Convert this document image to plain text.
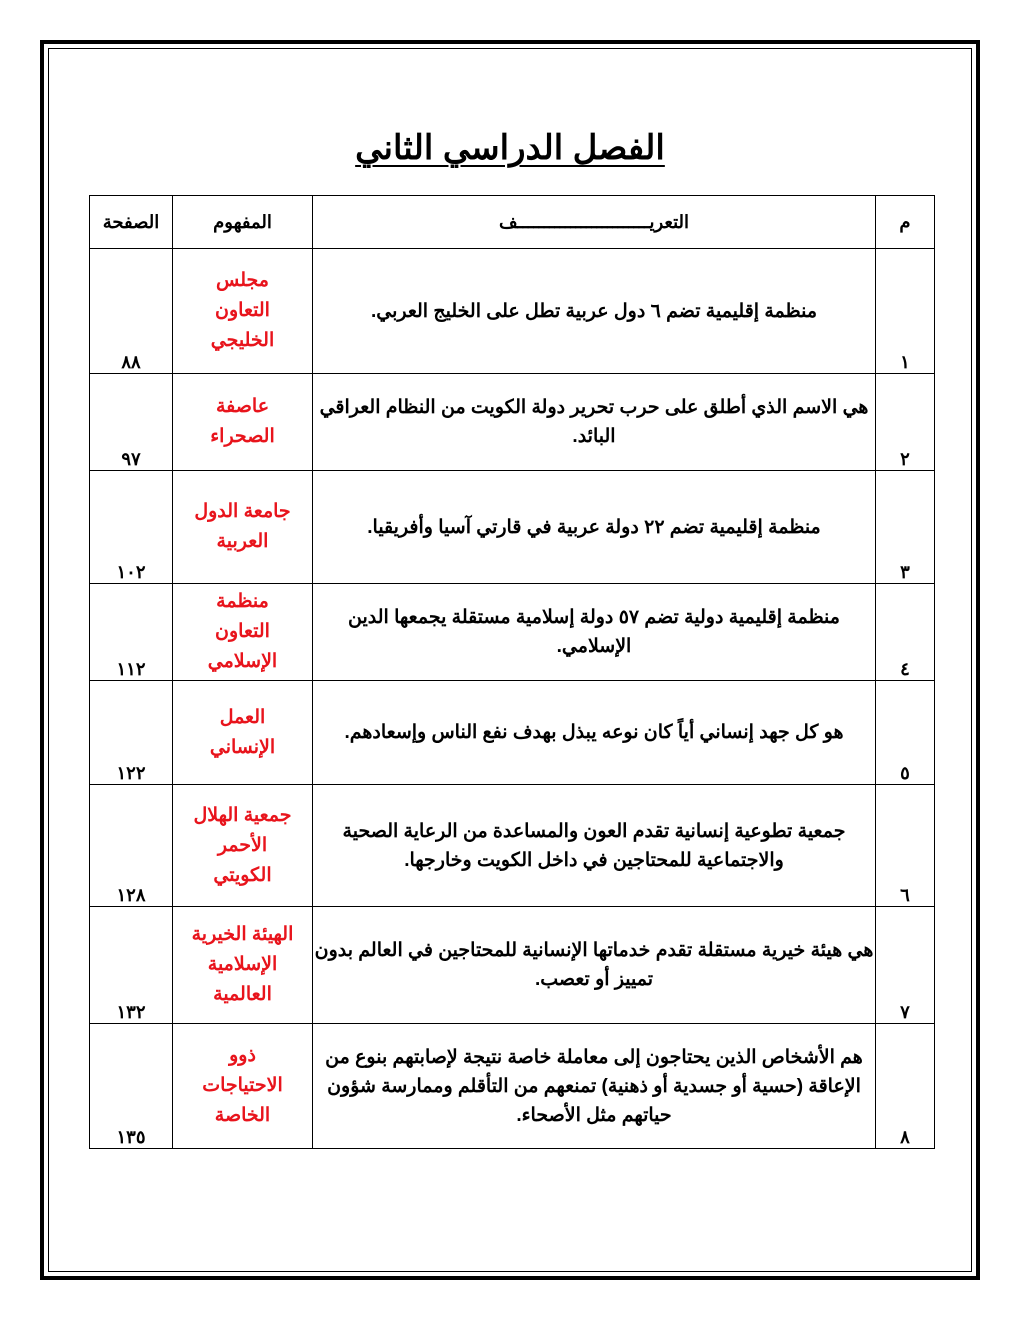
الفصل الدراسي الثاني
م	التعريـــــــــــــــــــــــــف	المفهوم	الصفحة
١	منظمة إقليمية تضم ٦ دول عربية تطل على الخليج العربي.	مجلس
التعاون
الخليجي	٨٨
٢	هي الاسم الذي أطلق على حرب تحرير دولة الكويت من النظام العراقي البائد.	عاصفة
الصحراء	٩٧
٣	منظمة إقليمية تضم ٢٢ دولة عربية في قارتي آسيا وأفريقيا.	جامعة الدول
العربية	١٠٢
٤	منظمة إقليمية دولية تضم ٥٧ دولة إسلامية مستقلة يجمعها الدين الإسلامي.	منظمة
التعاون
الإسلامي	١١٢
٥	هو كل جهد إنساني أياً كان نوعه يبذل بهدف نفع الناس وإسعادهم.	العمل
الإنساني	١٢٢
٦	جمعية تطوعية إنسانية تقدم العون والمساعدة من الرعاية الصحية والاجتماعية للمحتاجين في داخل الكويت وخارجها.	جمعية الهلال
الأحمر
الكويتي	١٢٨
٧	هي هيئة خيرية مستقلة تقدم خدماتها الإنسانية للمحتاجين في العالم بدون تمييز أو تعصب.	الهيئة الخيرية
الإسلامية
العالمية	١٣٢
٨	هم الأشخاص الذين يحتاجون إلى معاملة خاصة نتيجة لإصابتهم بنوع من الإعاقة (حسية أو جسدية أو ذهنية) تمنعهم من التأقلم وممارسة شؤون حياتهم مثل الأصحاء.	ذوو
الاحتياجات
الخاصة	١٣٥
